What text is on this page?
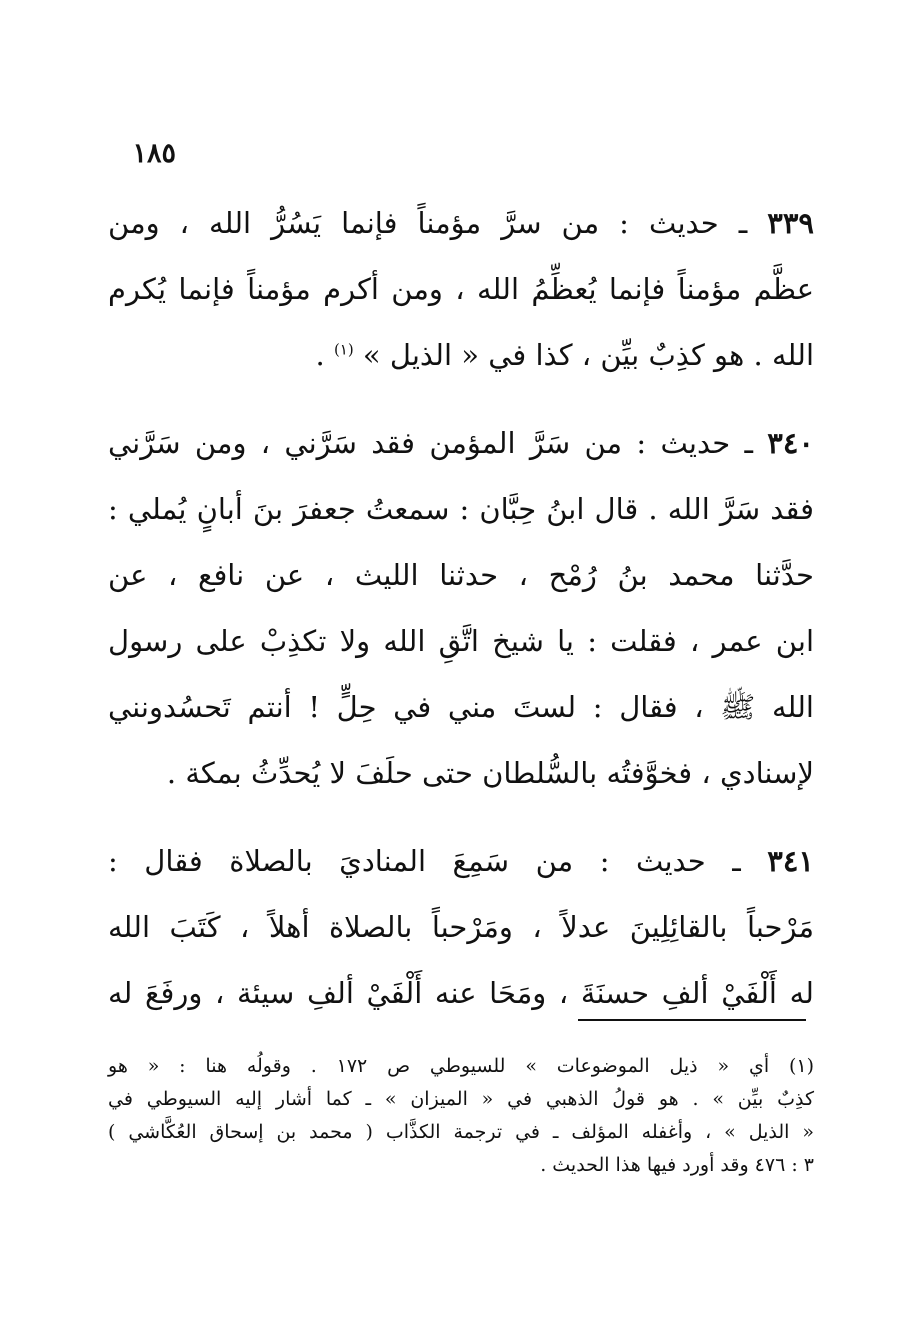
١٨٥
٣٣٩ ـ حديث : من سرَّ مؤمناً فإنما يَسُرُّ الله ، ومن
عظَّم مؤمناً فإنما يُعظِّمُ الله ، ومن أكرم مؤمناً فإنما يُكرم
الله . هو كذِبٌ بيِّن ، كذا في « الذيل » $^{(١)}$ .
٣٤٠ ـ حديث : من سَرَّ المؤمن فقد سَرَّني ، ومن سَرَّني
فقد سَرَّ الله . قال ابنُ حِبَّان : سمعتُ جعفرَ بنَ أبانٍ يُملي :
حدَّثنا محمد بنُ رُمْح ، حدثنا الليث ، عن نافع ، عن
ابن عمر ، فقلت : يا شيخ اتَّقِ الله ولا تكذِبْ على رسول
الله ﷺ ، فقال : لستَ مني في حِلٍّ ! أنتم تَحسُدونني
لإسنادي ، فخوَّفتُه بالسُّلطان حتى حلَفَ لا يُحدِّثُ بمكة .
٣٤١ ـ حديث : من سَمِعَ المناديَ بالصلاة فقال :
مَرْحباً بالقائِلِينَ عدلاً ، ومَرْحباً بالصلاة أهلاً ، كَتَبَ الله
له أَلْفَيْ ألفِ حسنَةَ ، ومَحَا عنه أَلْفَيْ ألفِ سيئة ، ورفَعَ له
(١) أي « ذيل الموضوعات » للسيوطي ص ١٧٢ . وقولُه هنا : « هو
كذِبٌ بيِّن » . هو قولُ الذهبي في « الميزان » ـ كما أشار إليه السيوطي في
« الذيل » ، وأغفله المؤلف ـ في ترجمة الكذَّاب ( محمد بن إسحاق العُكَّاشي )
٣ : ٤٧٦ وقد أورد فيها هذا الحديث .
